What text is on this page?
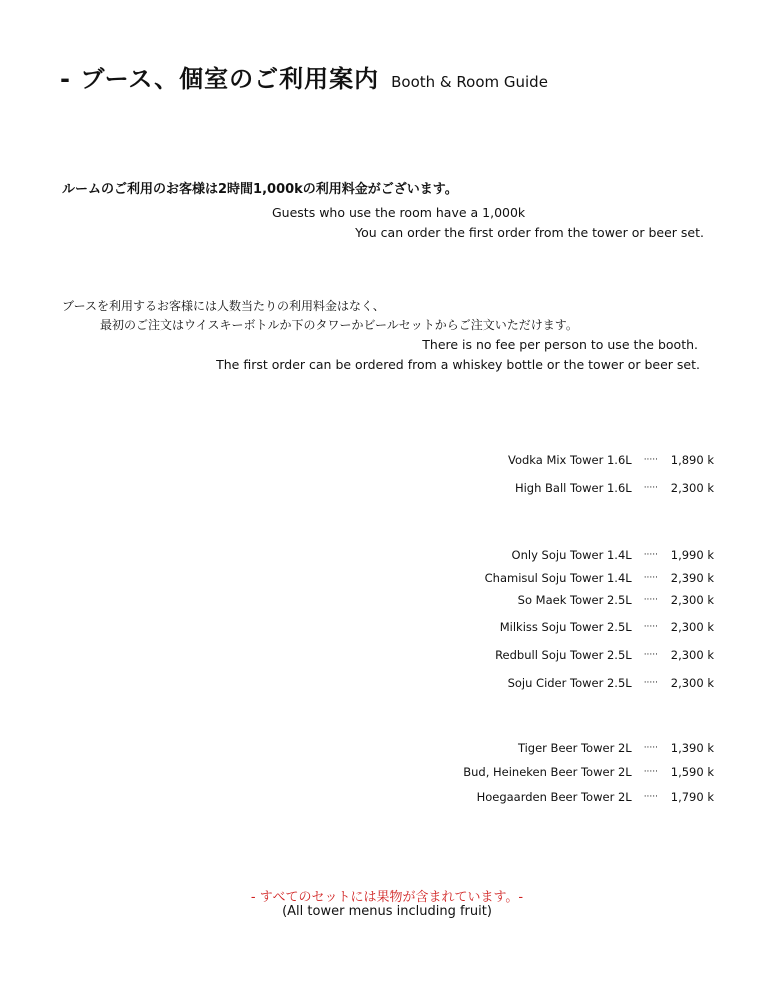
- ブース、個室のご利用案内 Booth & Room Guide
ルームのご利用のお客様は2時間1,000kの利用料金がございます。
Guests who use the room have a 1,000k
You can order the first order from the tower or beer set.
ブースを利用するお客様には人数当たりの利用料金はなく、
最初のご注文はウイスキーボトルか下のタワーかビールセットからご注文いただけます。
There is no fee per person to use the booth.
The first order can be ordered from a whiskey bottle or the tower or beer set.
Vodka Mix Tower 1.6L ····· 1,890 k
High Ball Tower 1.6L ····· 2,300 k
Only Soju Tower 1.4L ····· 1,990 k
Chamisul Soju Tower 1.4L ····· 2,390 k
So Maek Tower 2.5L ····· 2,300 k
Milkiss Soju Tower 2.5L ····· 2,300 k
Redbull Soju Tower 2.5L ····· 2,300 k
Soju Cider Tower 2.5L ····· 2,300 k
Tiger Beer Tower 2L ····· 1,390 k
Bud, Heineken Beer Tower 2L ····· 1,590 k
Hoegaarden Beer Tower 2L ····· 1,790 k
- すべてのセットには果物が含まれています。-
(All tower menus including fruit)
